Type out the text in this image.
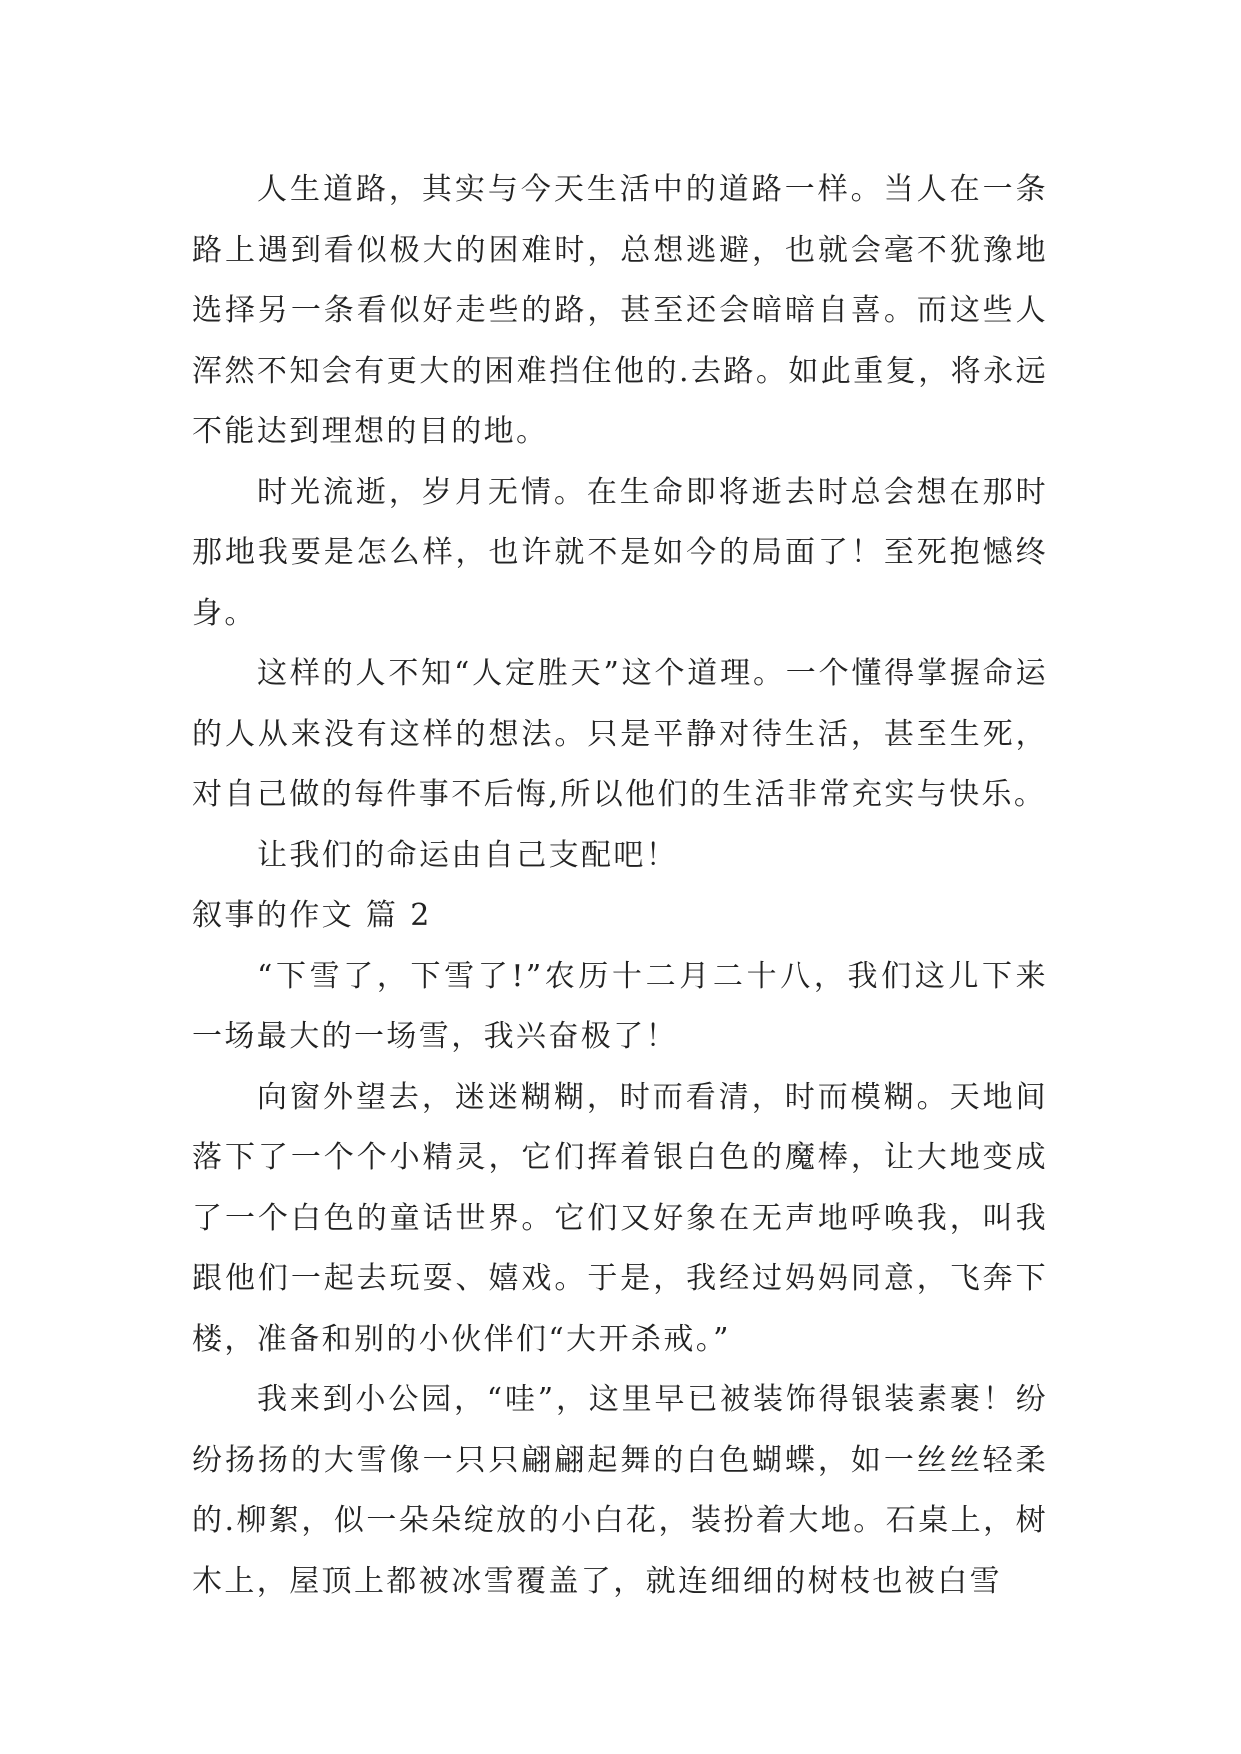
人生道路，其实与今天生活中的道路一样。当人在一条路上遇到看似极大的困难时，总想逃避，也就会毫不犹豫地选择另一条看似好走些的路，甚至还会暗暗自喜。而这些人浑然不知会有更大的困难挡住他的.去路。如此重复，将永远不能达到理想的目的地。

时光流逝，岁月无情。在生命即将逝去时总会想在那时那地我要是怎么样，也许就不是如今的局面了！至死抱憾终身。

这样的人不知“人定胜天”这个道理。一个懂得掌握命运的人从来没有这样的想法。只是平静对待生活，甚至生死，对自己做的每件事不后悔,所以他们的生活非常充实与快乐。

让我们的命运由自己支配吧！

叙事的作文 篇 2

“下雪了，下雪了!”农历十二月二十八，我们这儿下来一场最大的一场雪，我兴奋极了！

向窗外望去，迷迷糊糊，时而看清，时而模糊。天地间落下了一个个小精灵，它们挥着银白色的魔棒，让大地变成了一个白色的童话世界。它们又好象在无声地呼唤我，叫我跟他们一起去玩耍、嬉戏。于是，我经过妈妈同意，飞奔下楼，准备和别的小伙伴们“大开杀戒。”

我来到小公园，“哇”，这里早已被装饰得银装素裹！纷纷扬扬的大雪像一只只翩翩起舞的白色蝴蝶，如一丝丝轻柔的.柳絮，似一朵朵绽放的小白花，装扮着大地。石桌上，树木上，屋顶上都被冰雪覆盖了，就连细细的树枝也被白雪
